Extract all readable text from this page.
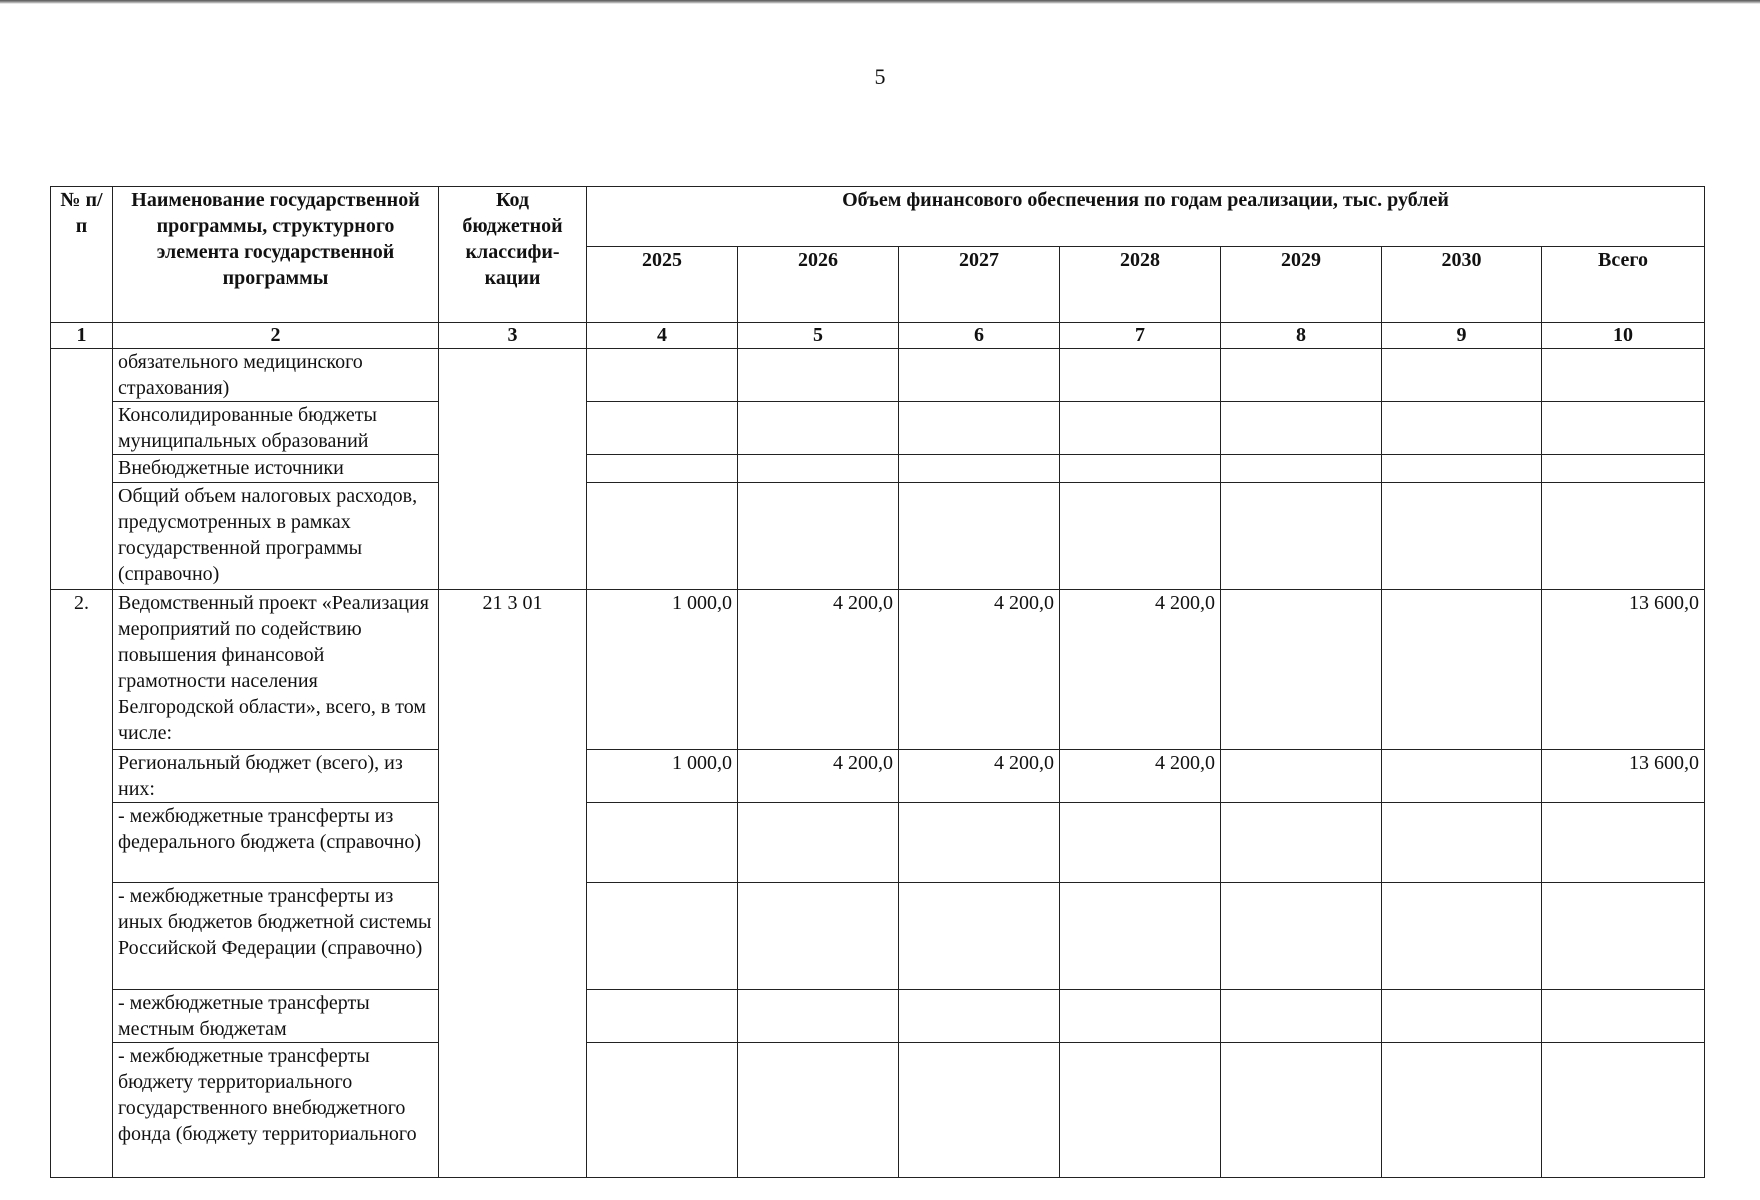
5
№ п/п	Наименование государственной программы, структурного элемента государственной программы	Код бюджетной классифи-кации	Объем финансового обеспечения по годам реализации, тыс. рублей						
			2025	2026	2027	2028	2029	2030	Всего
1	2	3	4	5	6	7	8	9	10
	обязательного медицинского страхования)								
	Консолидированные бюджеты муниципальных образований								
	Внебюджетные источники								
	Общий объем налоговых расходов, предусмотренных в рамках государственной программы (справочно)								
2.	Ведомственный проект «Реализация мероприятий по содействию повышения финансовой грамотности населения Белгородской области», всего, в том числе:	21 3 01	1 000,0	4 200,0	4 200,0	4 200,0			13 600,0
	Региональный бюджет (всего), из них:		1 000,0	4 200,0	4 200,0	4 200,0			13 600,0
	- межбюджетные трансферты из федерального бюджета (справочно)								
	- межбюджетные трансферты из иных бюджетов бюджетной системы Российской Федерации (справочно)								
	- межбюджетные трансферты местным бюджетам								
	- межбюджетные трансферты бюджету территориального государственного внебюджетного фонда (бюджету территориального								
